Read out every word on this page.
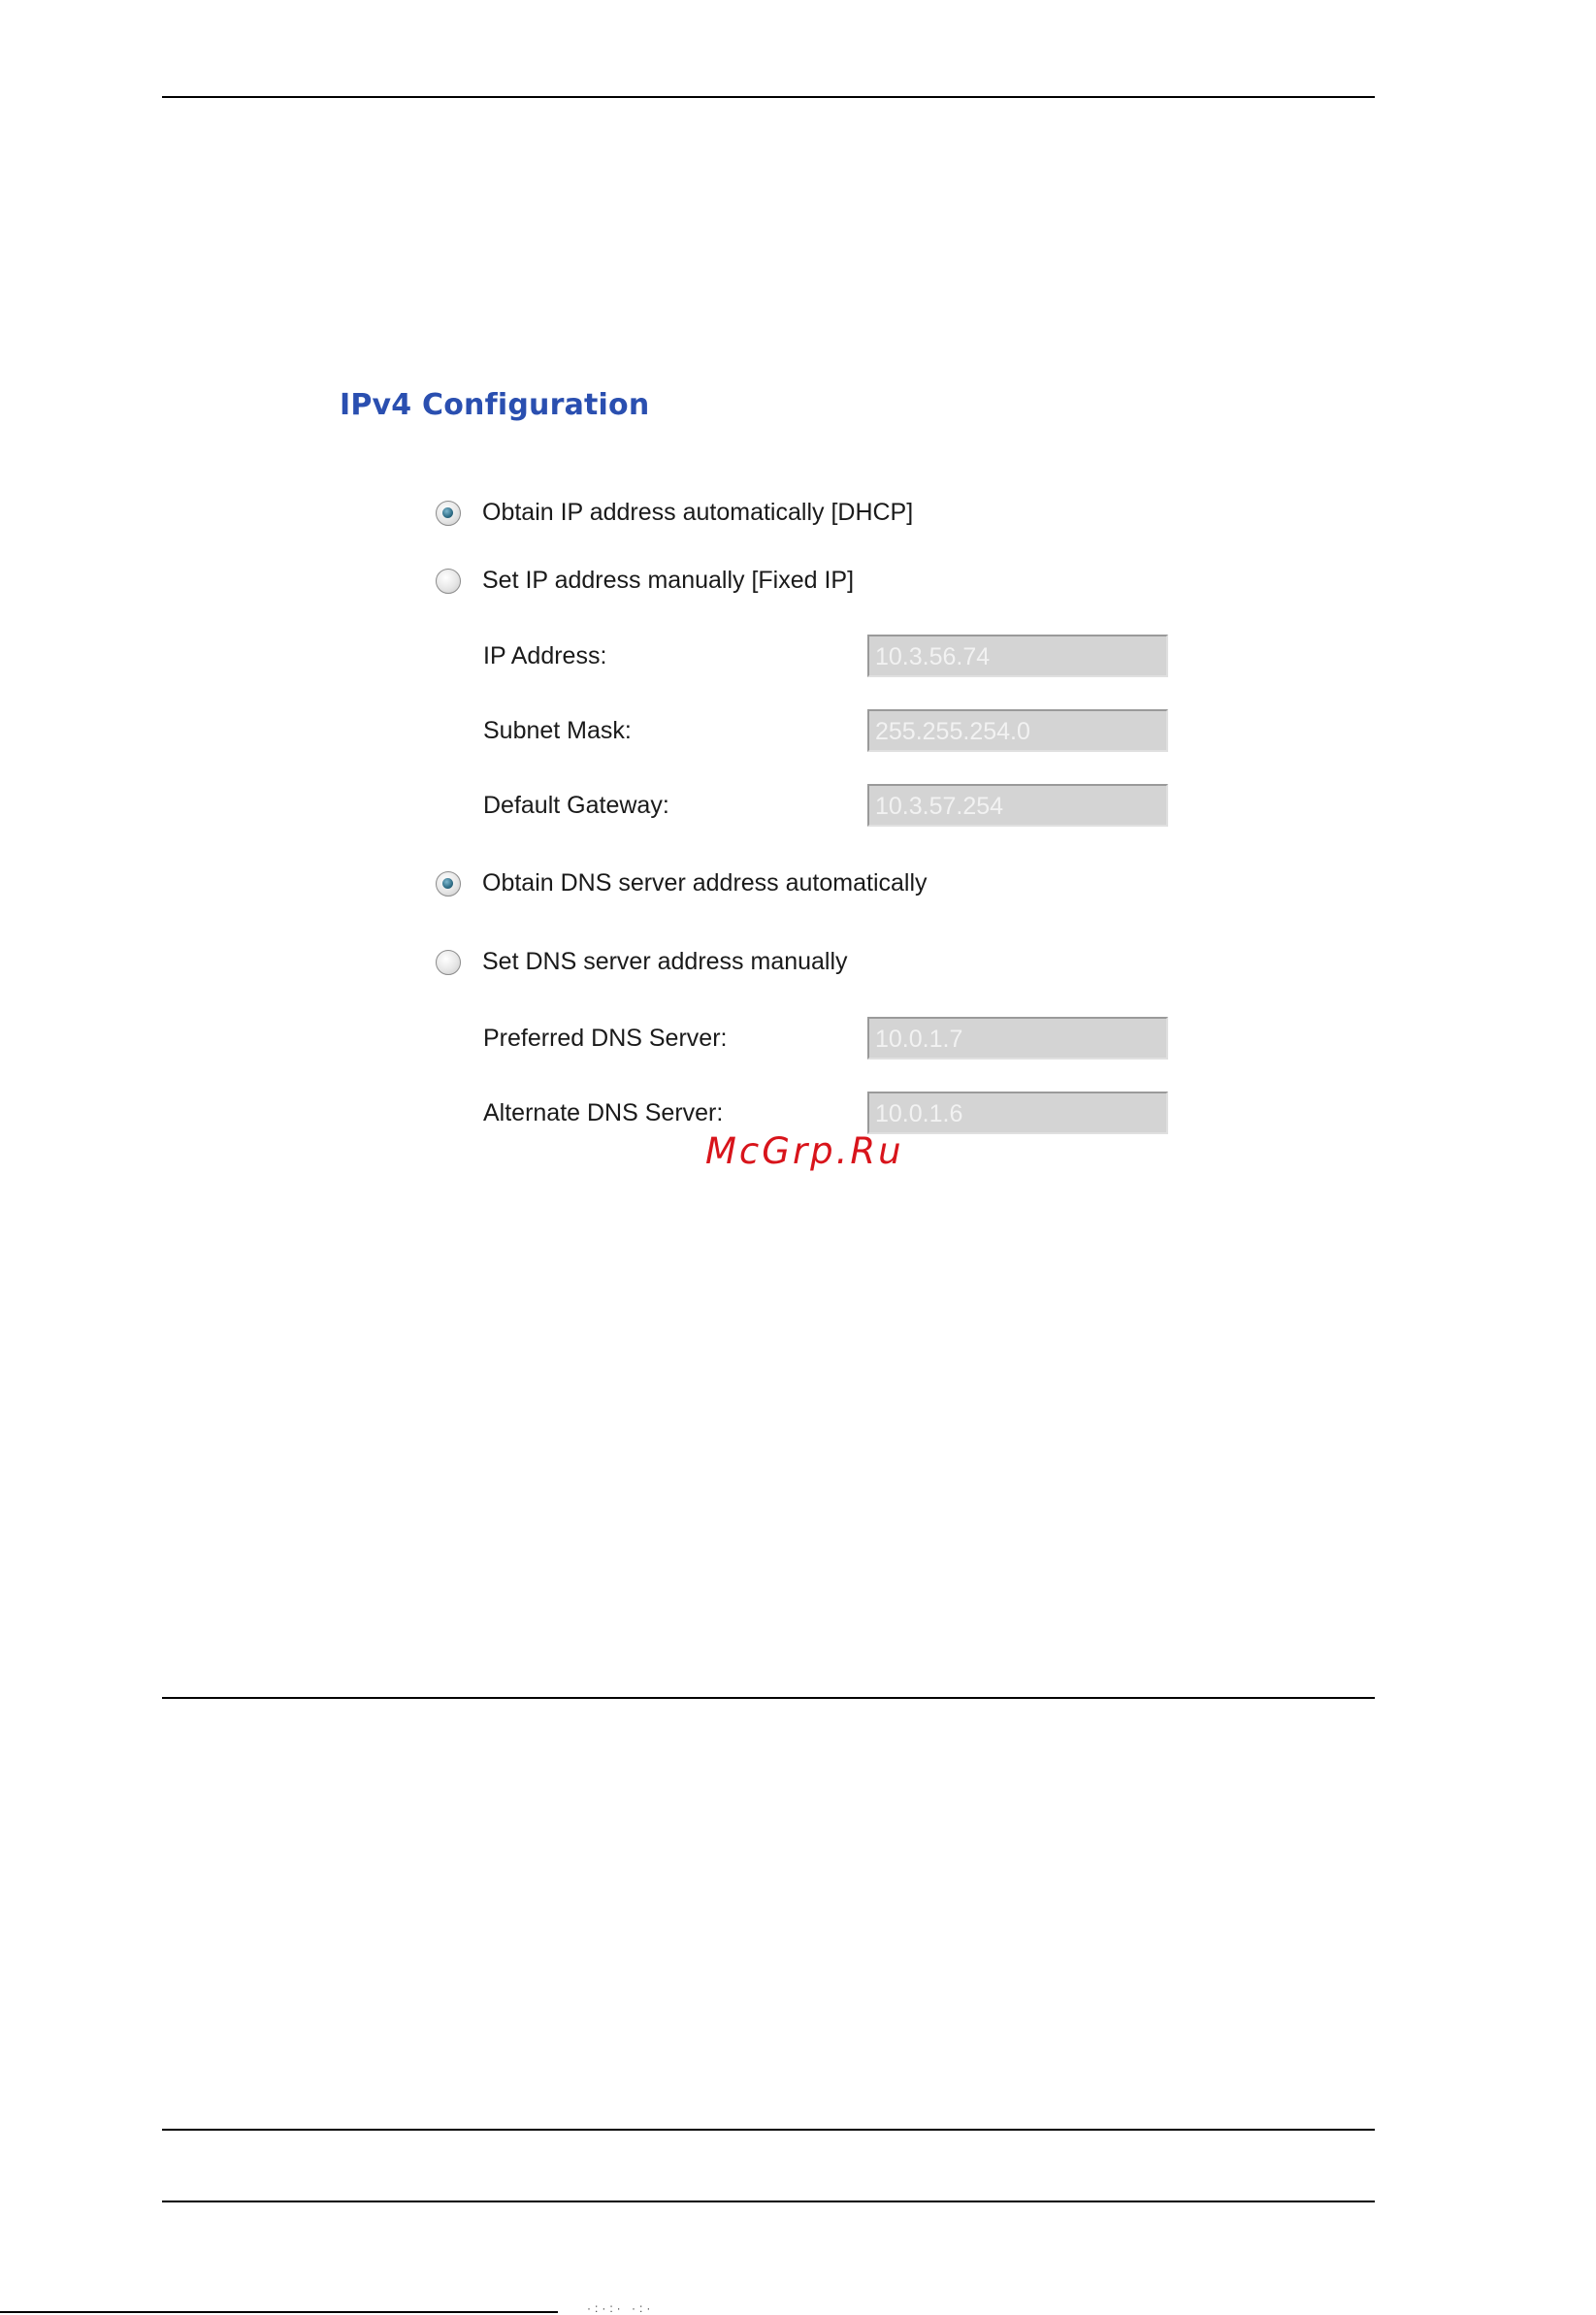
IPv4 Configuration
Obtain IP address automatically [DHCP]
Set IP address manually [Fixed IP]
IP Address:	10.3.56.74
Subnet Mask:	255.255.254.0
Default Gateway:	10.3.57.254
Obtain DNS server address automatically
Set DNS server address manually
Preferred DNS Server:	10.0.1.7
Alternate DNS Server:	10.0.1.6
McGrp.Ru
·:·:· ·:·
